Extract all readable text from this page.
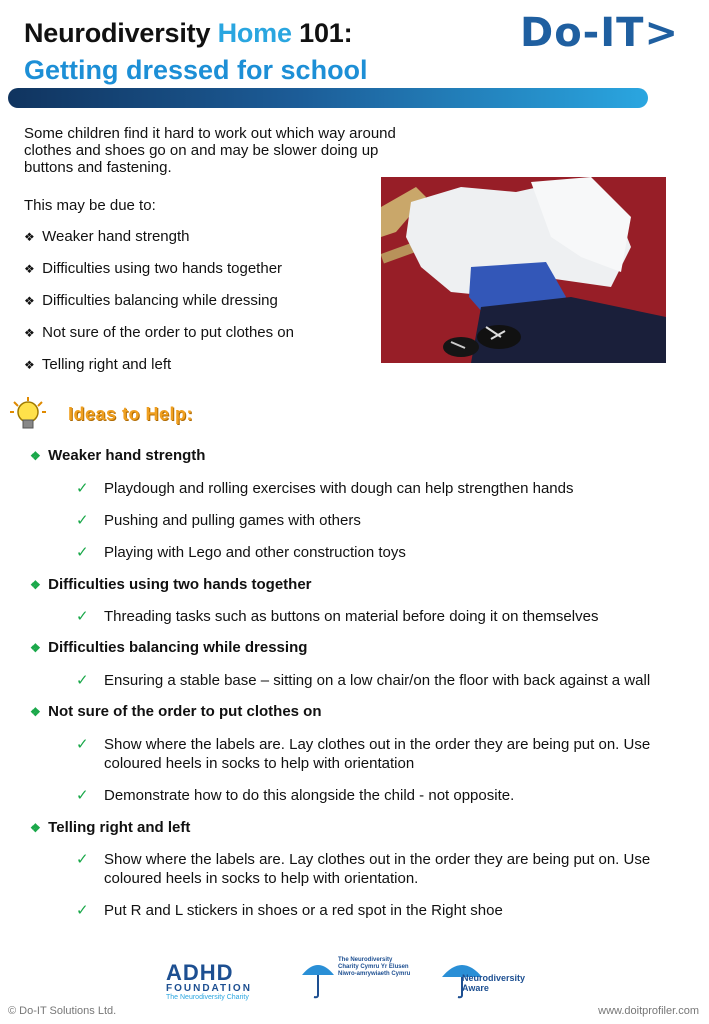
Neurodiversity Home 101:
Getting dressed for school
Do-IT>
Some children find it hard to work out which way around clothes and shoes go on and may be slower doing up buttons and fastening.
This may be due to:
❖ Weaker hand strength
❖ Difficulties using two hands together
❖ Difficulties balancing while dressing
❖ Not sure of the order to put clothes on
❖ Telling right and left
Ideas to Help:
❖ Weaker hand strength
✓ Playdough and rolling exercises with dough can help strengthen hands
✓ Pushing and pulling games with others
✓ Playing with Lego and other construction toys
❖ Difficulties using two hands together
✓ Threading tasks such as buttons on material before doing it on themselves
❖ Difficulties balancing while dressing
✓ Ensuring a stable base – sitting on a low chair/on the floor with back against a wall
❖ Not sure of the order to put clothes on
✓ Show where the labels are. Lay clothes out in the order they are being put on. Use coloured heels in socks to help with orientation
✓ Demonstrate how to do this alongside the child - not opposite.
❖ Telling right and left
✓ Show where the labels are. Lay clothes out in the order they are being put on. Use coloured heels in socks to help with orientation.
✓ Put R and L stickers in shoes or a red spot in the Right shoe
ADHD
FOUNDATION
The Neurodiversity Charity
The Neurodiversity Charity Cymru Yr Elusen Niwro-amrywiaeth Cymru	Neurodiversity Aware
© Do-IT Solutions Ltd.	www.doitprofiler.com
